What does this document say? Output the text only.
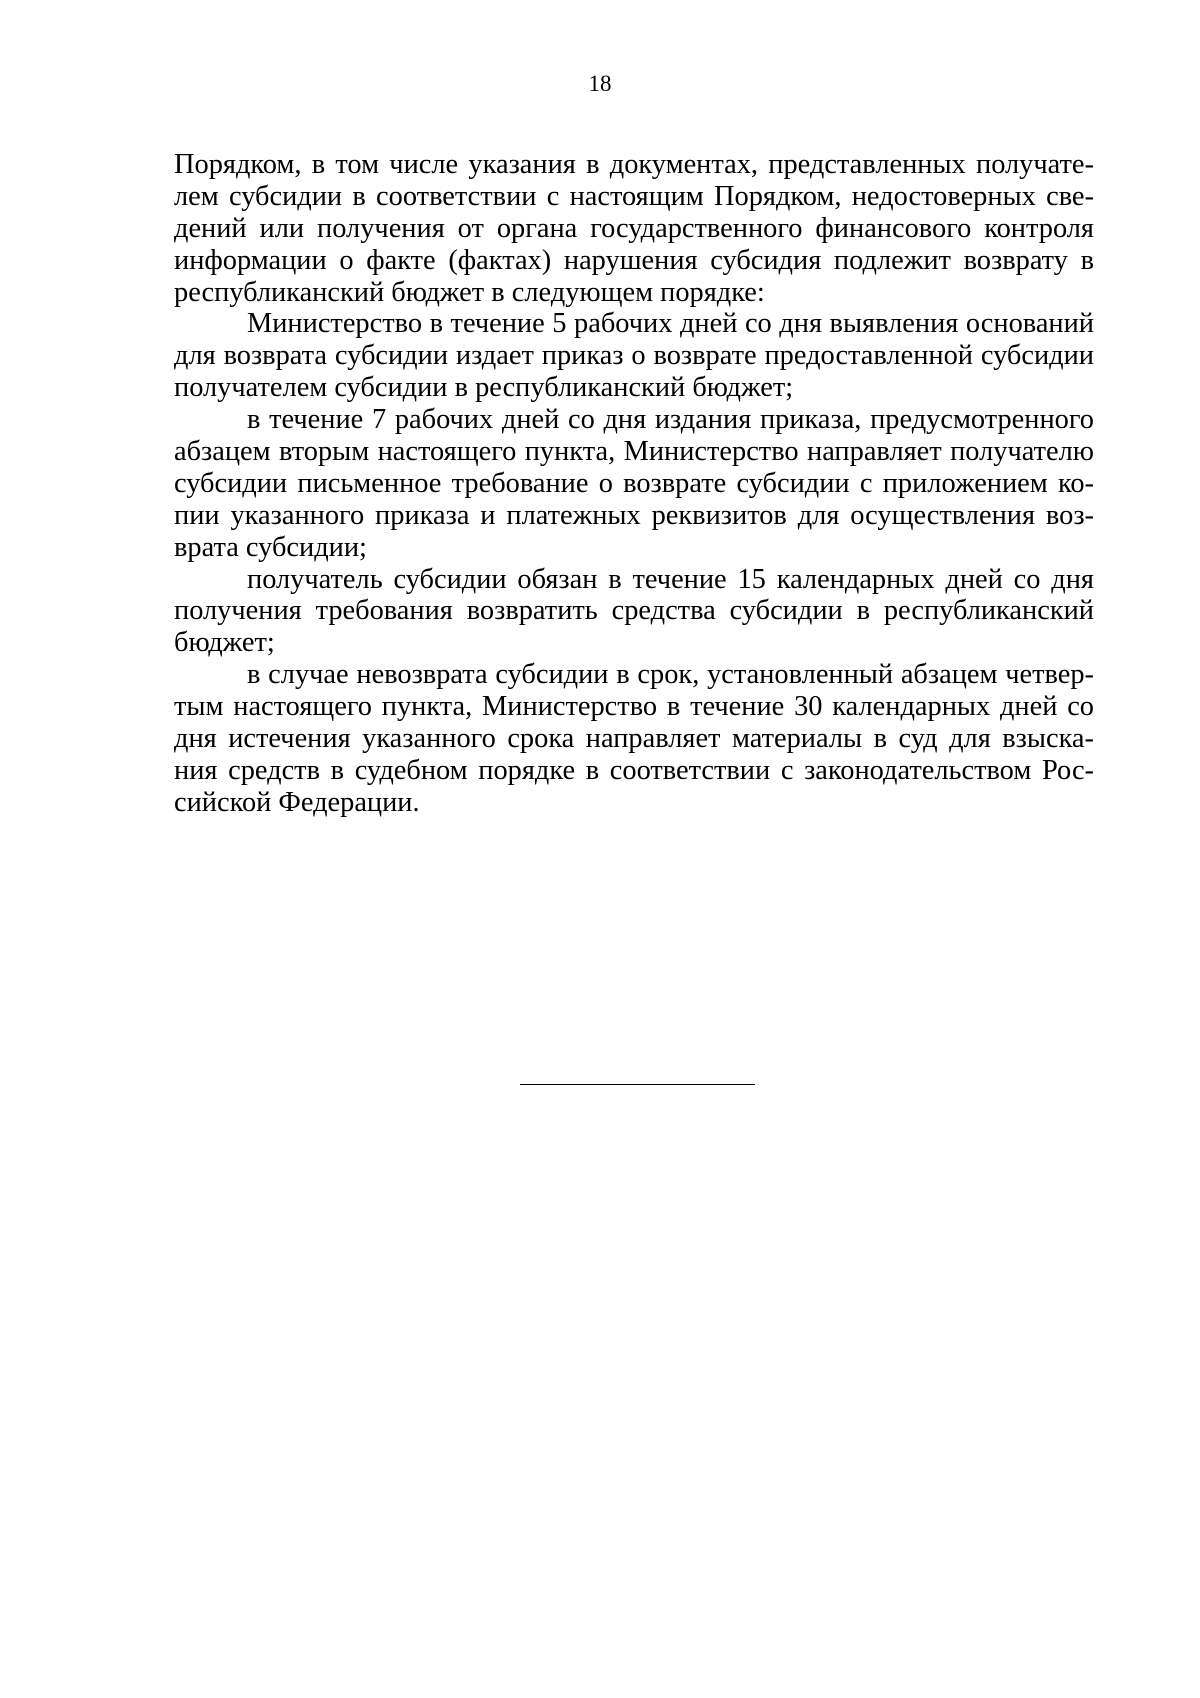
18
Порядком, в том числе указания в документах, представленных получате-
лем субсидии в соответствии с настоящим Порядком, недостоверных све-
дений или получения от органа государственного финансового контроля
информации о факте (фактах) нарушения субсидия подлежит возврату в
республиканский бюджет в следующем порядке:
Министерство в течение 5 рабочих дней со дня выявления оснований
для возврата субсидии издает приказ о возврате предоставленной субсидии
получателем субсидии в республиканский бюджет;
в течение 7 рабочих дней со дня издания приказа, предусмотренного
абзацем вторым настоящего пункта, Министерство направляет получателю
субсидии письменное требование о возврате субсидии с приложением ко-
пии указанного приказа и платежных реквизитов для осуществления воз-
врата субсидии;
получатель субсидии обязан в течение 15 календарных дней со дня
получения требования возвратить средства субсидии в республиканский
бюджет;
в случае невозврата субсидии в срок, установленный абзацем четвер-
тым настоящего пункта, Министерство в течение 30 календарных дней со
дня истечения указанного срока направляет материалы в суд для взыска-
ния средств в судебном порядке в соответствии с законодательством Рос-
сийской Федерации.
